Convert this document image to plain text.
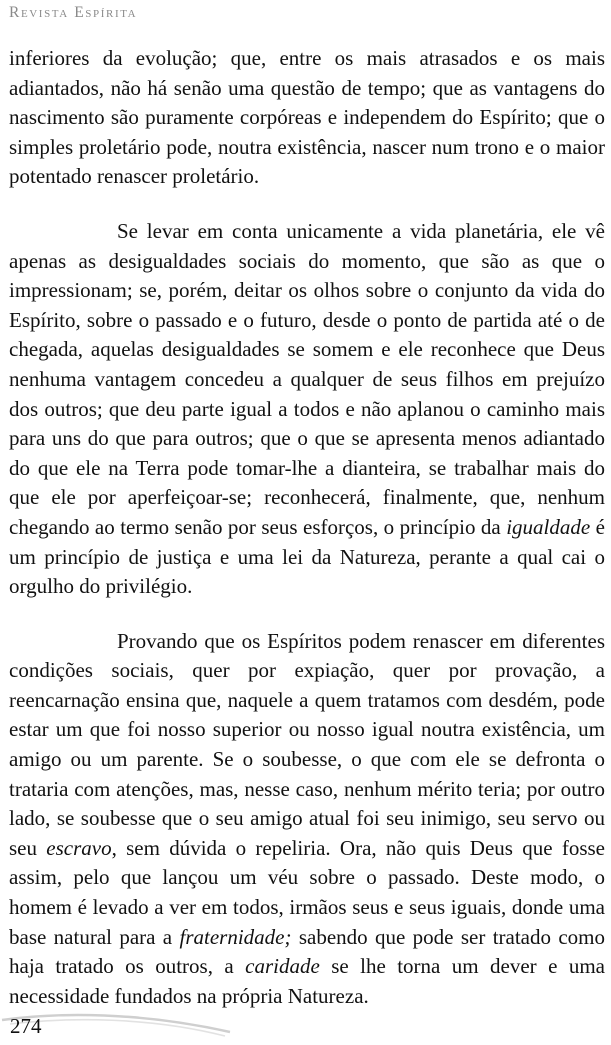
Revista Espírita

inferiores da evolução; que, entre os mais atrasados e os mais adiantados, não há senão uma questão de tempo; que as vantagens do nascimento são puramente corpóreas e independem do Espírito; que o simples proletário pode, noutra existência, nascer num trono e o maior potentado renascer proletário.

Se levar em conta unicamente a vida planetária, ele vê apenas as desigualdades sociais do momento, que são as que o impressionam; se, porém, deitar os olhos sobre o conjunto da vida do Espírito, sobre o passado e o futuro, desde o ponto de partida até o de chegada, aquelas desigualdades se somem e ele reconhece que Deus nenhuma vantagem concedeu a qualquer de seus filhos em prejuízo dos outros; que deu parte igual a todos e não aplanou o caminho mais para uns do que para outros; que o que se apresenta menos adiantado do que ele na Terra pode tomar-lhe a dianteira, se trabalhar mais do que ele por aperfeiçoar-se; reconhecerá, finalmente, que, nenhum chegando ao termo senão por seus esforços, o princípio da igualdade é um princípio de justiça e uma lei da Natureza, perante a qual cai o orgulho do privilégio.

Provando que os Espíritos podem renascer em diferentes condições sociais, quer por expiação, quer por provação, a reencarnação ensina que, naquele a quem tratamos com desdém, pode estar um que foi nosso superior ou nosso igual noutra existência, um amigo ou um parente. Se o soubesse, o que com ele se defronta o trataria com atenções, mas, nesse caso, nenhum mérito teria; por outro lado, se soubesse que o seu amigo atual foi seu inimigo, seu servo ou seu escravo, sem dúvida o repeliria. Ora, não quis Deus que fosse assim, pelo que lançou um véu sobre o passado. Deste modo, o homem é levado a ver em todos, irmãos seus e seus iguais, donde uma base natural para a fraternidade; sabendo que pode ser tratado como haja tratado os outros, a caridade se lhe torna um dever e uma necessidade fundados na própria Natureza.

274
